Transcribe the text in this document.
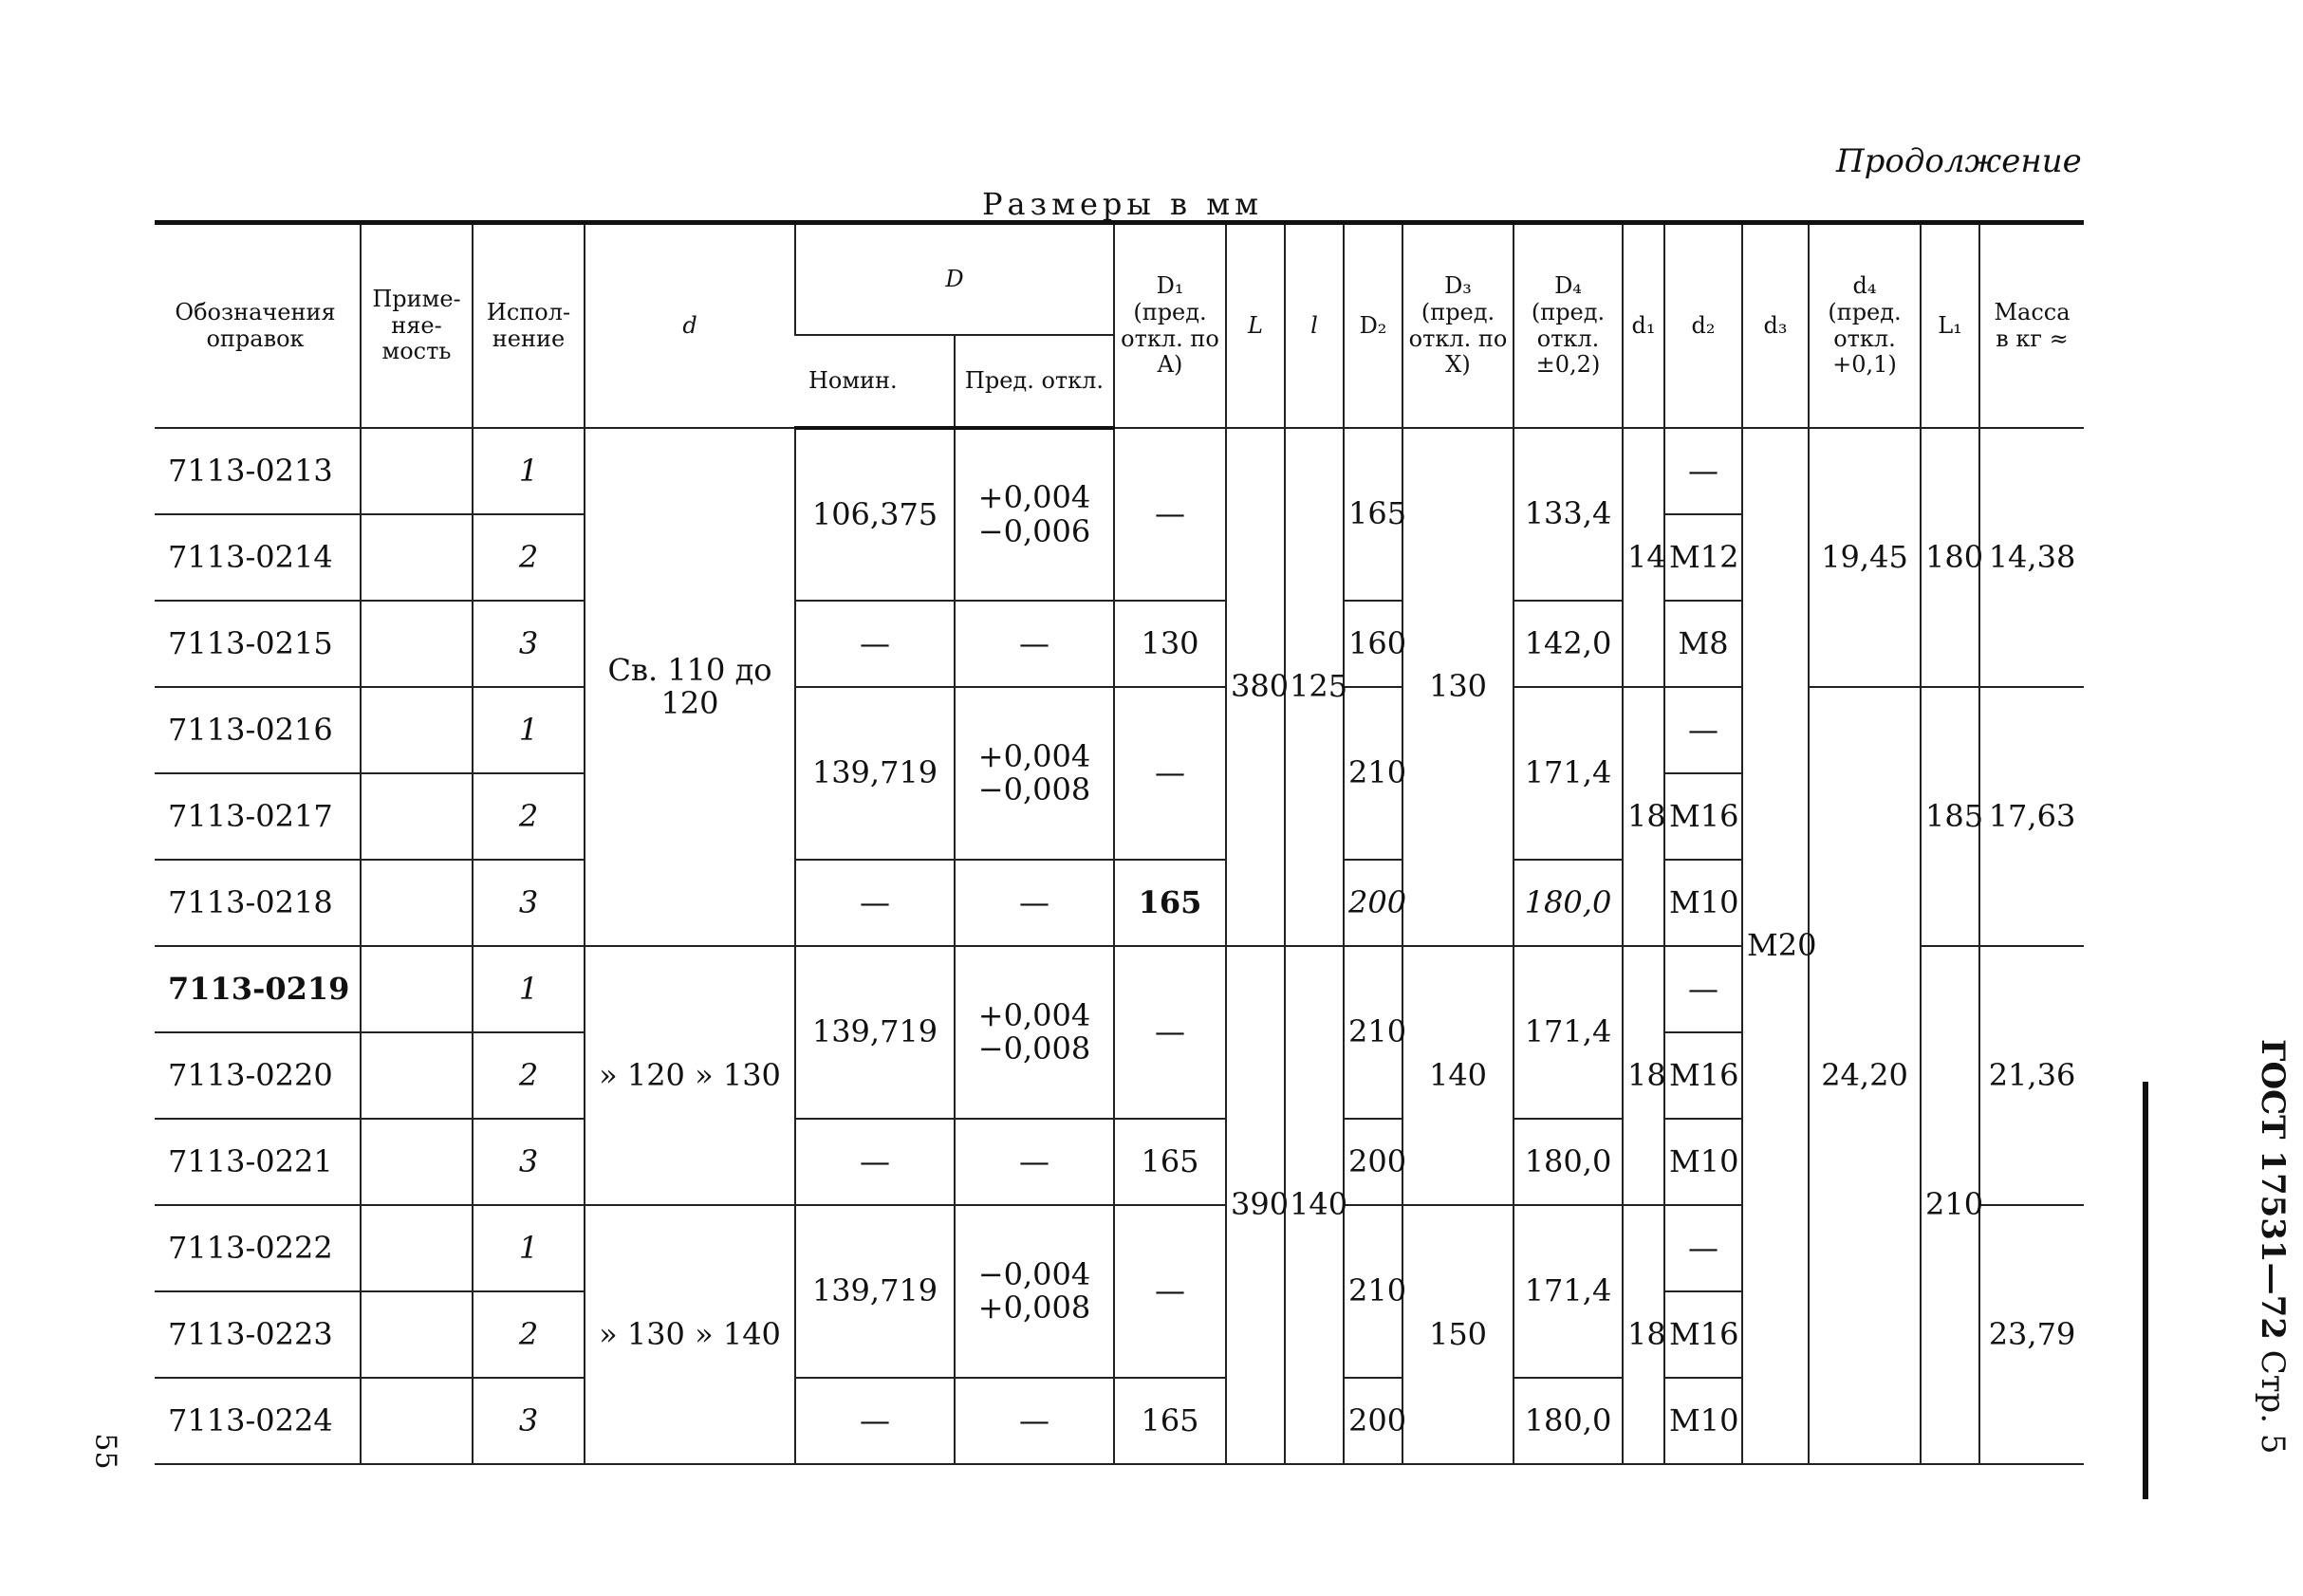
Продолжение
Размеры в мм
55
ГОСТ 17531—72 Стр. 5
Обозначения оправок	Приме-няе-мость	Испол-нение	d	D		D₁ (пред. откл. по A)	L	l	D₂	D₃ (пред. откл. по X)	D₄ (пред. откл. ±0,2)	d₁	d₂	d₃	d₄ (пред. откл. +0,1)	L₁	Масса в кг ≈
				Номин.	Пред. откл.												
7113-0213		1	Св. 110 до 120	106,375	+0,004 −0,006	—	380	125	165	130	133,4	14	—	M20	19,45	180	14,38
7113-0214		2											M12				
7113-0215		3		—	—	130			160		142,0		M8				
7113-0216		1		139,719	+0,004 −0,008	—			210		171,4	18	—		24,20	185	17,63
7113-0217		2											M16				
7113-0218		3		—	—	165			200		180,0		M10				
7113-0219		1	» 120 » 130	139,719	+0,004 −0,008	—	390	140	210	140	171,4	18	—			210	21,36
7113-0220		2											M16				
7113-0221		3		—	—	165			200		180,0		M10				
7113-0222		1	» 130 » 140	139,719	−0,004 +0,008	—			210	150	171,4	18	—				23,79
7113-0223		2											M16				
7113-0224		3		—	—	165			200		180,0		M10				
